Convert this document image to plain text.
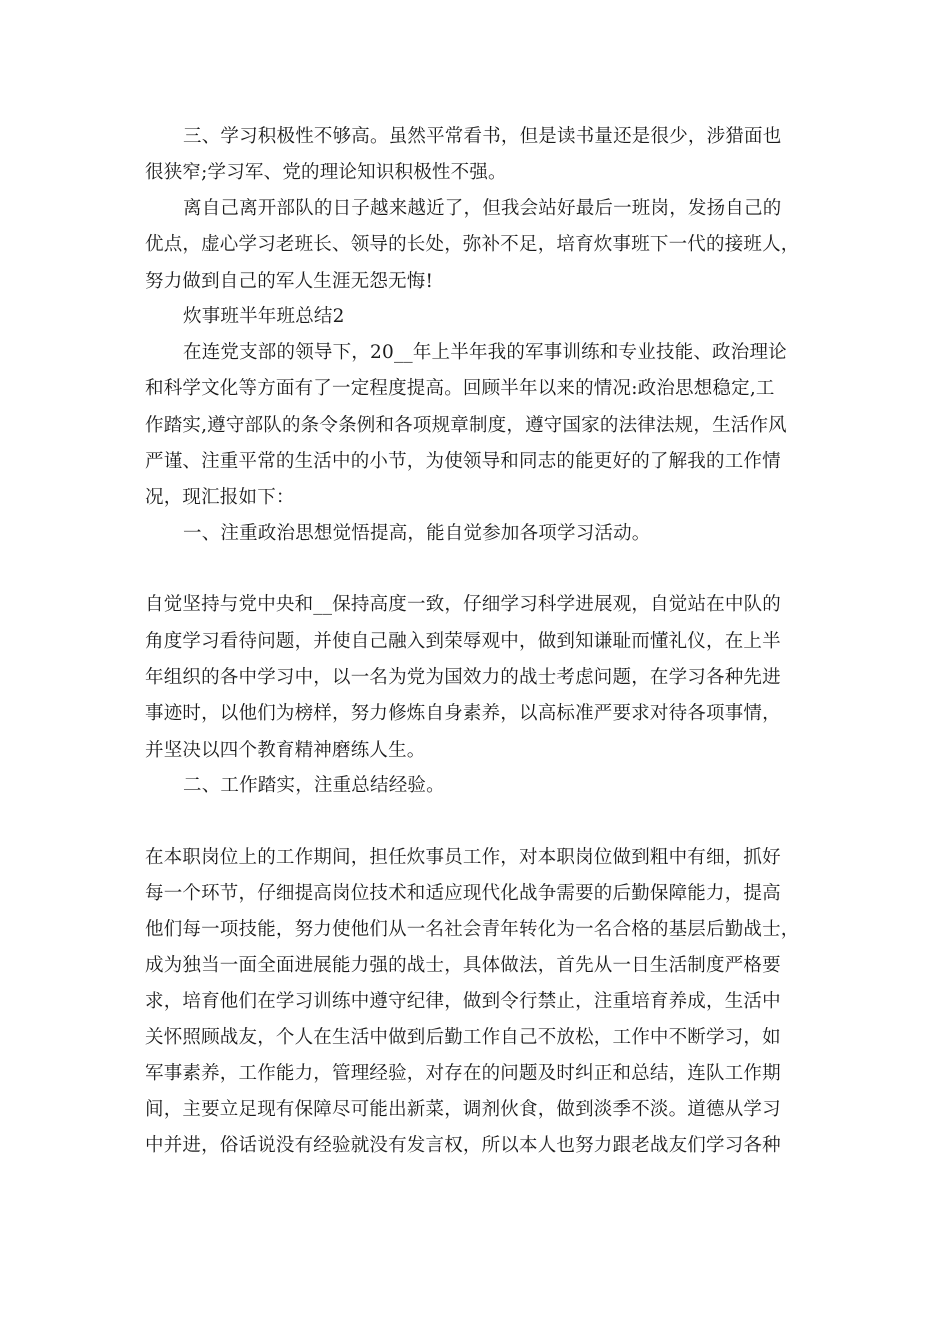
三、学习积极性不够高。虽然平常看书，但是读书量还是很少，涉猎面也

很狭窄;学习军、党的理论知识积极性不强。

离自己离开部队的日子越来越近了，但我会站好最后一班岗，发扬自己的

优点，虚心学习老班长、领导的长处，弥补不足，培育炊事班下一代的接班人，

努力做到自己的军人生涯无怨无悔!

炊事班半年班总结2

在连党支部的领导下，20__年上半年我的军事训练和专业技能、政治理论

和科学文化等方面有了一定程度提高。回顾半年以来的情况:政治思想稳定,工

作踏实,遵守部队的条令条例和各项规章制度，遵守国家的法律法规，生活作风

严谨、注重平常的生活中的小节，为使领导和同志的能更好的了解我的工作情

况，现汇报如下：

一、注重政治思想觉悟提高，能自觉参加各项学习活动。

自觉坚持与党中央和__保持高度一致，仔细学习科学进展观，自觉站在中队的

角度学习看待问题，并使自己融入到荣辱观中，做到知谦耻而懂礼仪，在上半

年组织的各中学习中，以一名为党为国效力的战士考虑问题，在学习各种先进

事迹时，以他们为榜样，努力修炼自身素养，以高标准严要求对待各项事情，

并坚决以四个教育精神磨练人生。

二、工作踏实，注重总结经验。

在本职岗位上的工作期间，担任炊事员工作，对本职岗位做到粗中有细，抓好

每一个环节，仔细提高岗位技术和适应现代化战争需要的后勤保障能力，提高

他们每一项技能，努力使他们从一名社会青年转化为一名合格的基层后勤战士，

成为独当一面全面进展能力强的战士，具体做法，首先从一日生活制度严格要

求，培育他们在学习训练中遵守纪律，做到令行禁止，注重培育养成，生活中

关怀照顾战友，个人在生活中做到后勤工作自己不放松，工作中不断学习，如

军事素养，工作能力，管理经验，对存在的问题及时纠正和总结，连队工作期

间，主要立足现有保障尽可能出新菜，调剂伙食，做到淡季不淡。道德从学习

中并进，俗话说没有经验就没有发言权，所以本人也努力跟老战友们学习各种
